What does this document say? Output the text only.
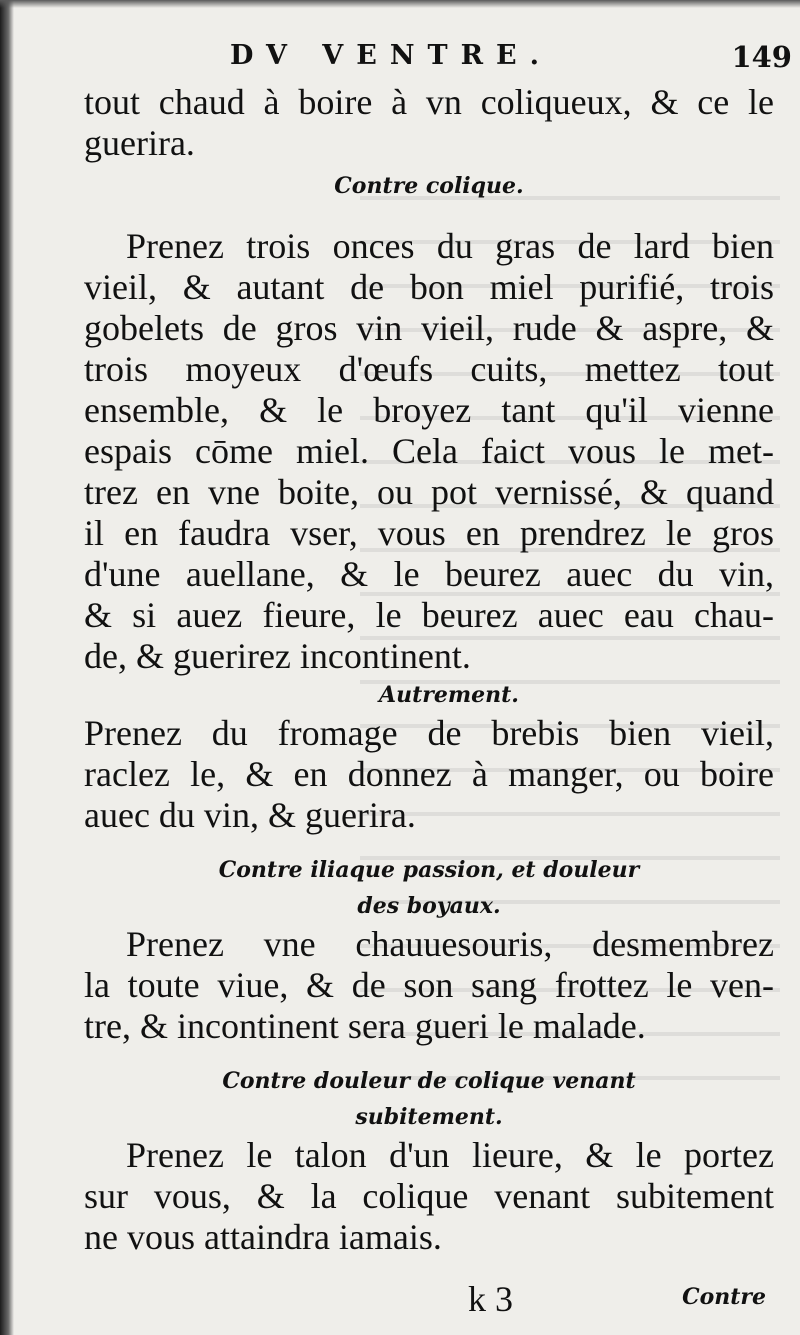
DV VENTRE.	149

tout chaud à boire à vn coliqueux, & ce le

guerira.

Contre colique.

Prenez trois onces du gras de lard bien

vieil, & autant de bon miel purifié, trois

gobelets de gros vin vieil, rude & aspre, &

trois moyeux d'œufs cuits, mettez tout

ensemble, & le broyez tant qu'il vienne

espais cōme miel. Cela faict vous le met-

trez en vne boite, ou pot vernissé, & quand

il en faudra vser, vous en prendrez le gros

d'une auellane, & le beurez auec du vin,

& si auez fieure, le beurez auec eau chau-

de, & guerirez incontinent.

Autrement.

Prenez du fromage de brebis bien vieil,

raclez le, & en donnez à manger, ou boire

auec du vin, & guerira.

Contre iliaque passion, et douleur

des boyaux.

Prenez vne chauuesouris, desmembrez

la toute viue, & de son sang frottez le ven-

tre, & incontinent sera gueri le malade.

Contre douleur de colique venant

subitement.

Prenez le talon d'un lieure, & le portez

sur vous, & la colique venant subitement

ne vous attaindra iamais.

k 3	Contre
